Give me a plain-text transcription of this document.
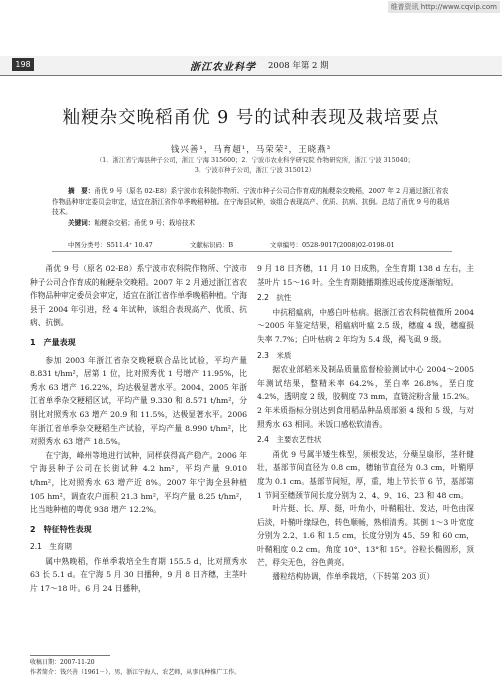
维普资讯 http://www.cqvip.com
198	浙江农业科学 2008 年第 2 期
籼粳杂交晚稻甬优 9 号的试种表现及栽培要点
钱兴善¹，马育超¹，马荣荣²，王晓燕³
（1．浙江省宁海县种子公司，浙江 宁海 315600；2．宁波市农业科学研究院 作物研究所，浙江 宁波 315040；
3．宁波市种子公司，浙江 宁波 315012）

摘　要：甬优 9 号（原名 02-E8）系宁波市农科院作物所、宁波市种子公司合作育成的籼粳杂交晚稻，2007 年 2 月通过浙江省农作物品种审定委员会审定，适宜在浙江省作单季晚稻种植。在宁海县试种，该组合表现高产、优质、抗病、抗倒。总结了甬优 9 号的栽培技术。

关键词：籼粳杂交稻；甬优 9 号；栽培技术

中图分类号：S511.4⁺ 10.47	文献标识码：B	文章编号：0528-9017(2008)02-0198-01

甬优 9 号（原名 02-E8）系宁波市农科院作物所、宁波市种子公司合作育成的籼粳杂交晚稻。2007 年 2 月通过浙江省农作物品种审定委员会审定，适宜在浙江省作单季晚稻种植。宁海县于 2004 年引进，经 4 年试种，该组合表现高产、优质、抗病、抗倒。

1　产量表现

参加 2003 年浙江省杂交晚粳联合品比试验，平均产量 8.831 t/hm²，居第 1 位，比对照秀优 1 号增产 11.95%，比秀水 63 增产 16.22%，均达极显著水平。2004、2005 年浙江省单季杂交粳稻区试，平均产量 9.330 和 8.571 t/hm²，分别比对照秀水 63 增产 20.9 和 11.5%，达极显著水平。2006 年浙江省单季杂交粳稻生产试验，平均产量 8.990 t/hm²，比对照秀水 63 增产 18.5%。

在宁海，峰州等地进行试种，同样获得高产稳产。2006 年宁海县种子公司在长街试种 4.2 hm²，平均产量 9.010 t/hm²，比对照秀水 63 增产近 8%。2007 年宁海全县种植 105 hm²，调查农户面积 21.3 hm²，平均产量 8.25 t/hm²，比当地种植的粤优 938 增产 12.2%。

2　特征特性表现

2.1　生育期

属中熟晚稻，作单季栽培全生育期 155.5 d，比对照秀水 63 长 5.1 d。在宁海 5 月 30 日播种，9 月 8 日齐穗，主茎叶片 17～18 叶。6 月 24 日播种，

9 月 18 日齐穗，11 月 10 日成熟，全生育期 138 d 左右，主茎叶片 15～16 叶。全生育期随播期推迟或传度逐渐缩短。

2.2　抗性

中抗稻瘟病，中感白叶枯病。据浙江省农科院植微所 2004～2005 年鉴定结果，稻瘟病叶瘟 2.5 级，穗瘟 4 级，穗瘟损失率 7.7%；白叶枯病 2 年均为 5.4 级，褐飞虱 9 级。

2.3　米质

据农业部稻米及制品质量监督检验测试中心 2004～2005 年测试结果，整精米率 64.2%，垩白率 26.8%，垩白度 4.2%，透明度 2 级，胶稠度 73 mm，直链淀粉含量 15.2%。2 年米质指标分别达到食用稻品种品质部颁 4 级和 5 级，与对照秀水 63 相同。米饭口感松软清香。

2.4　主要农艺性状

甬优 9 号属半矮生株型，须根发达，分蘖呈扇形，茎秆健壮，基部节间直径为 0.8 cm，穗轴节直径为 0.3 cm，叶鞘厚度为 0.1 cm。基部节间短，厚，重，地上节长节 6 节，基部第 1 节间至穗颈节间长度分别为 2、4、9、16、23 和 48 cm。

叶片挺、长、厚、挺，叶角小，叶鞘粗壮、发达，叶色由深后淡，叶鞘叶缘绿色，转色顺畅，熟相清秀。其倒 1～3 叶宽度分别为 2.2、1.6 和 1.5 cm，长度分别为 45、59 和 60 cm，叶鞘粗度 0.2 cm。角度 10°、13°和 15°。谷粒长椭圆形，顶芒，稃尖无色，谷色黄亮。

播粒结构协调，作单季栽培，（下转第 203 页）

收稿日期：2007-11-20
作者简介：钱兴善（1961－），男，浙江宁海人，农艺师，从事良种推广工作。
